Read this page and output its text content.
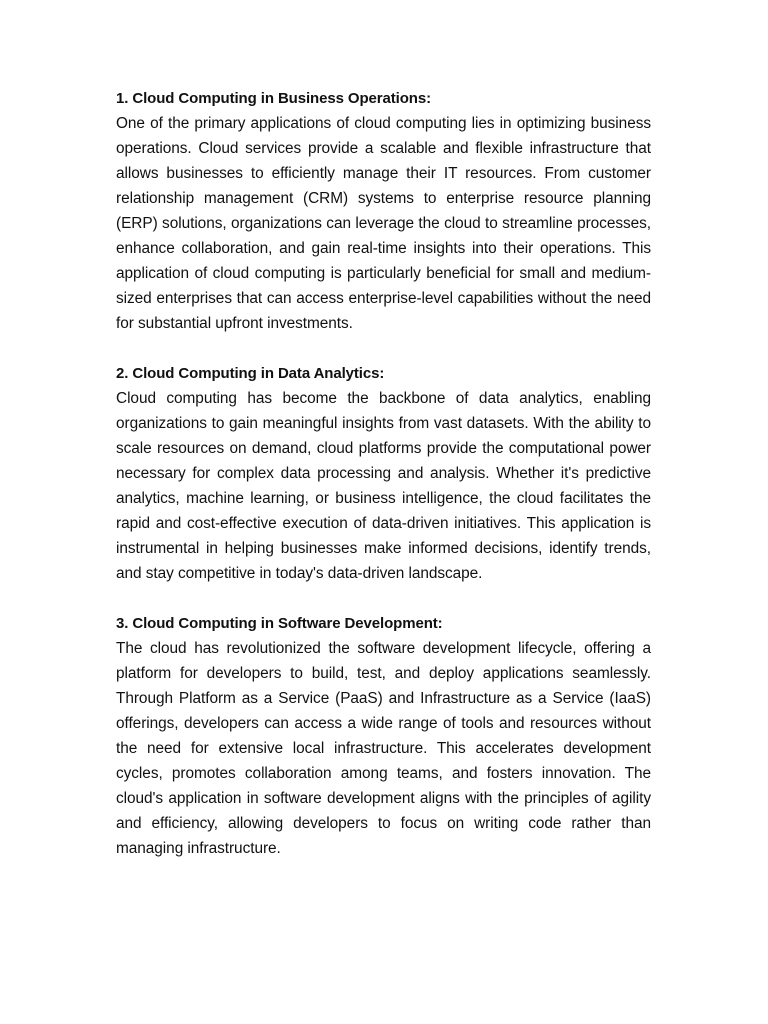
1. Cloud Computing in Business Operations:

One of the primary applications of cloud computing lies in optimizing business operations. Cloud services provide a scalable and flexible infrastructure that allows businesses to efficiently manage their IT resources. From customer relationship management (CRM) systems to enterprise resource planning (ERP) solutions, organizations can leverage the cloud to streamline processes, enhance collaboration, and gain real-time insights into their operations. This application of cloud computing is particularly beneficial for small and medium-sized enterprises that can access enterprise-level capabilities without the need for substantial upfront investments.

2. Cloud Computing in Data Analytics:

Cloud computing has become the backbone of data analytics, enabling organizations to gain meaningful insights from vast datasets. With the ability to scale resources on demand, cloud platforms provide the computational power necessary for complex data processing and analysis. Whether it's predictive analytics, machine learning, or business intelligence, the cloud facilitates the rapid and cost-effective execution of data-driven initiatives. This application is instrumental in helping businesses make informed decisions, identify trends, and stay competitive in today's data-driven landscape.

3. Cloud Computing in Software Development:

The cloud has revolutionized the software development lifecycle, offering a platform for developers to build, test, and deploy applications seamlessly. Through Platform as a Service (PaaS) and Infrastructure as a Service (IaaS) offerings, developers can access a wide range of tools and resources without the need for extensive local infrastructure. This accelerates development cycles, promotes collaboration among teams, and fosters innovation. The cloud's application in software development aligns with the principles of agility and efficiency, allowing developers to focus on writing code rather than managing infrastructure.
